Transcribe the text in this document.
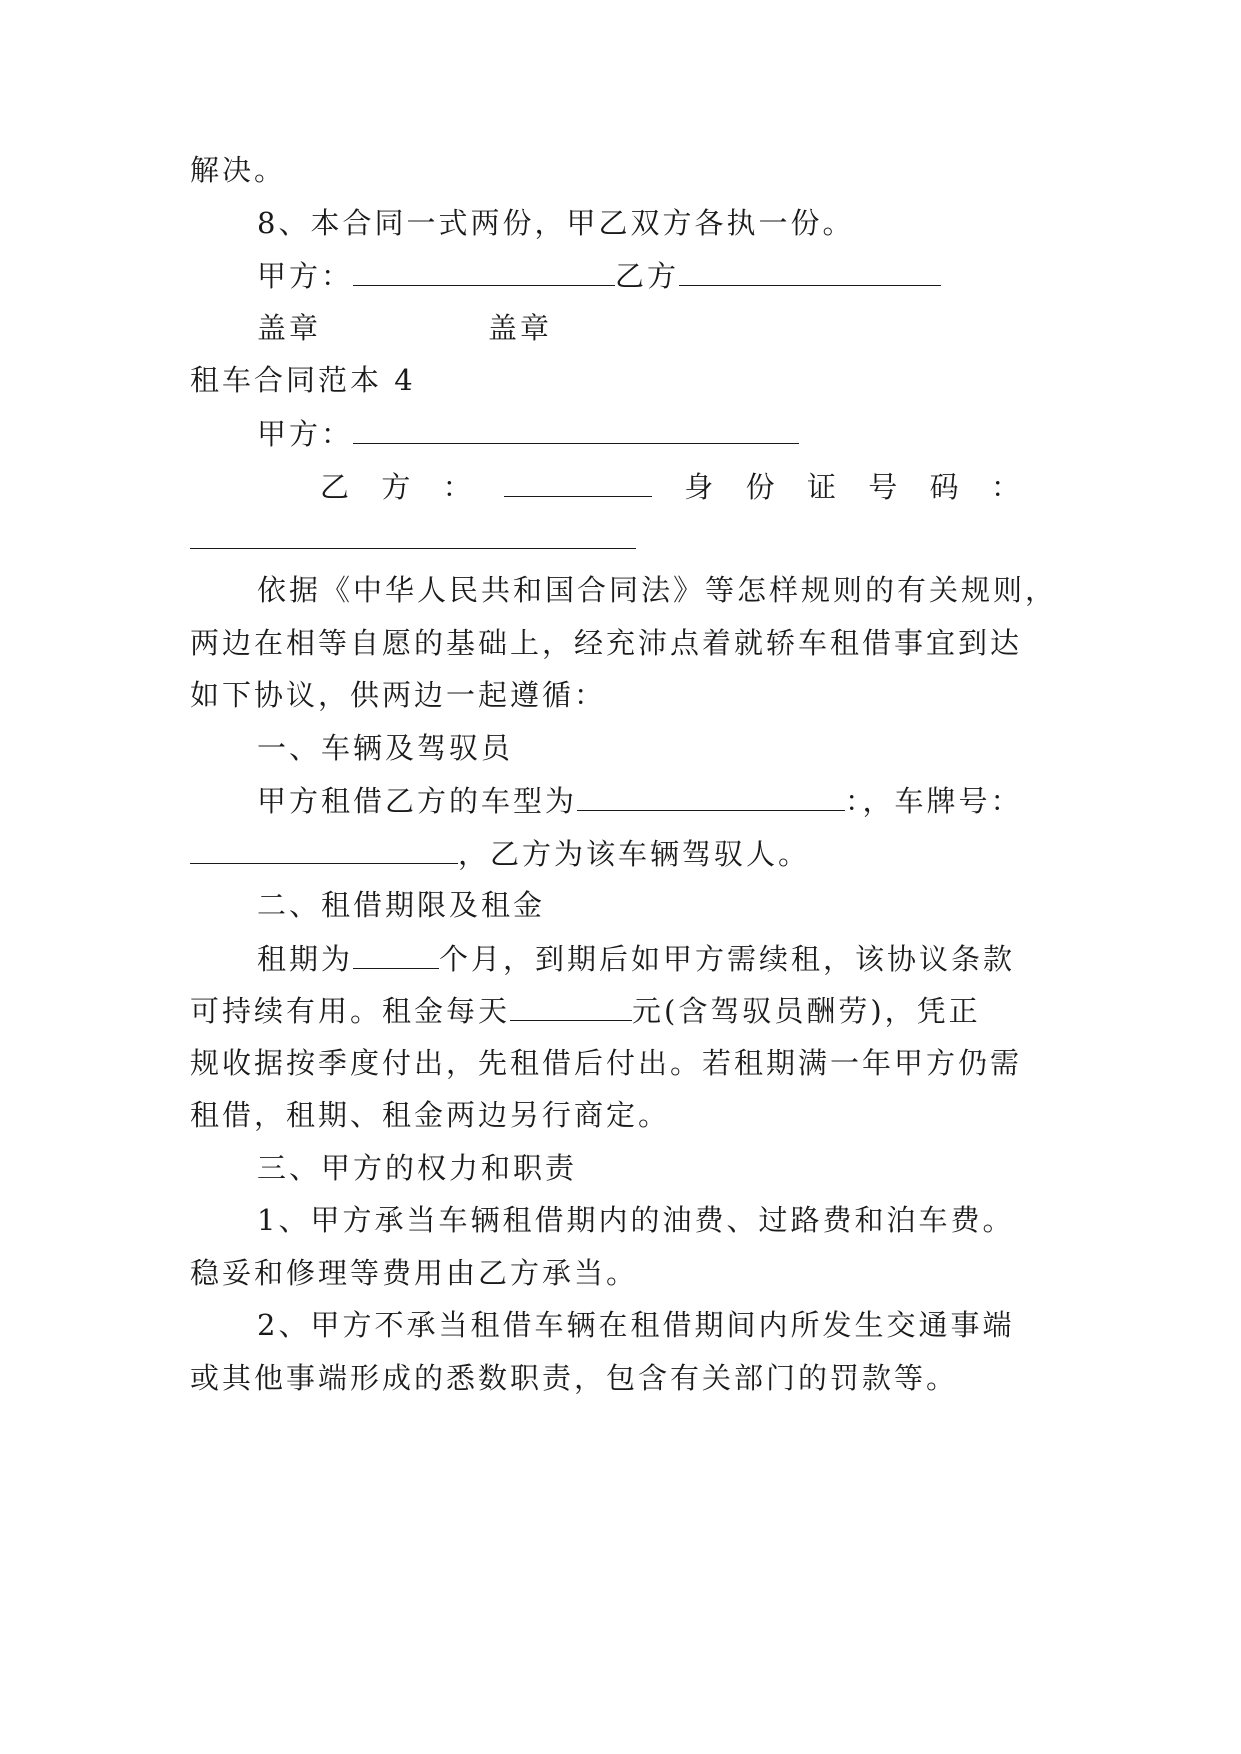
解决。
8、本合同一式两份，甲乙双方各执一份。
甲方：	乙方
盖章	盖章
租车合同范本 4
甲方：
乙 方 ：	身 份 证 号 码 ：
依据《中华人民共和国合同法》等怎样规则的有关规则，
两边在相等自愿的基础上，经充沛点着就轿车租借事宜到达
如下协议，供两边一起遵循：
一、车辆及驾驭员
甲方租借乙方的车型为	：，车牌号：
，乙方为该车辆驾驭人。
二、租借期限及租金
租期为	个月，到期后如甲方需续租，该协议条款
可持续有用。租金每天	元(含驾驭员酬劳)，凭正
规收据按季度付出，先租借后付出。若租期满一年甲方仍需
租借，租期、租金两边另行商定。
三、甲方的权力和职责
1、甲方承当车辆租借期内的油费、过路费和泊车费。
稳妥和修理等费用由乙方承当。
2、甲方不承当租借车辆在租借期间内所发生交通事端
或其他事端形成的悉数职责，包含有关部门的罚款等。
